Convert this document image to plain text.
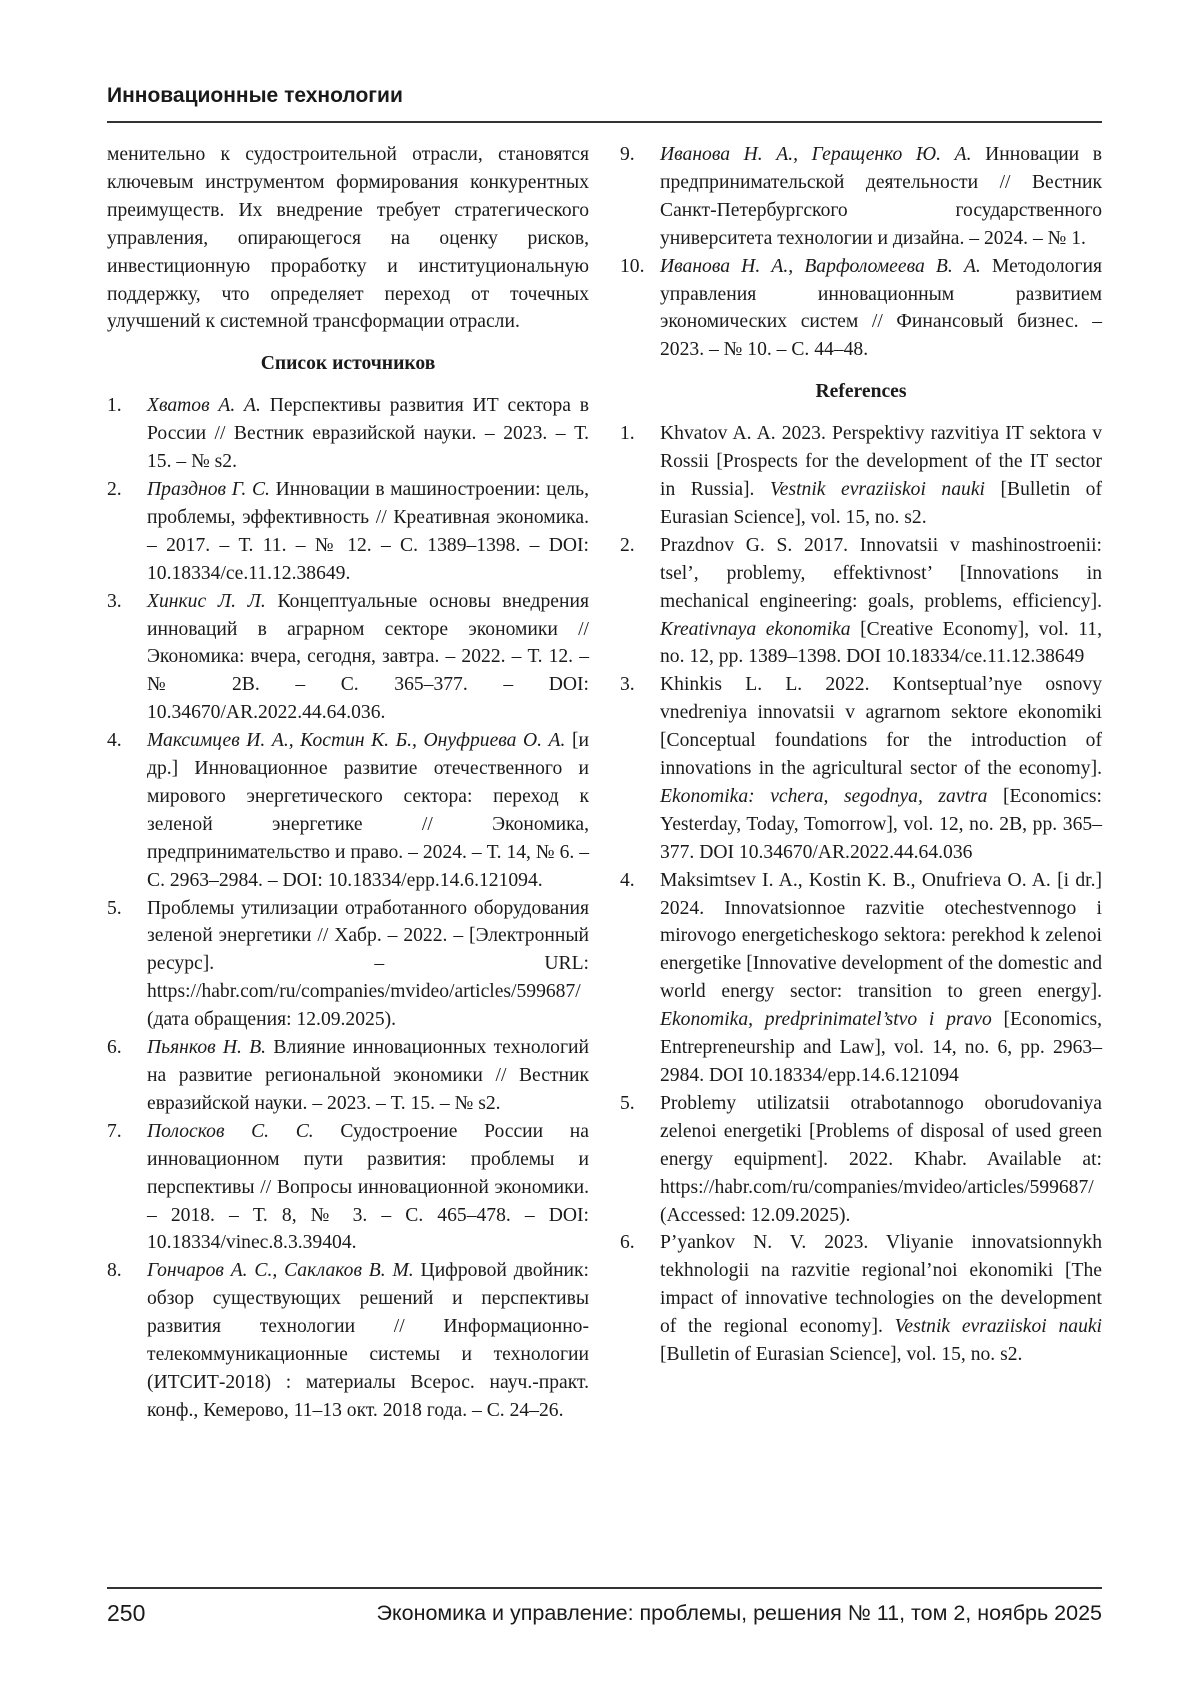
Инновационные технологии

менительно к судостроительной отрасли, становятся ключевым инструментом формирования конкурентных преимуществ. Их внедрение требует стратегического управления, опирающегося на оценку рисков, инвестиционную проработку и институциональную поддержку, что определяет переход от точечных улучшений к системной трансформации отрасли.

Список источников

1.	Хватов А. А. Перспективы развития ИТ сектора в России // Вестник евразийской науки. – 2023. – Т. 15. – № s2.
2.	Празднов Г. С. Инновации в машиностроении: цель, проблемы, эффективность // Креативная экономика. – 2017. – Т. 11. – № 12. – С. 1389–1398. – DOI: 10.18334/ce.11.12.38649.
3.	Хинкис Л. Л. Концептуальные основы внедрения инноваций в аграрном секторе экономики // Экономика: вчера, сегодня, завтра. – 2022. – Т. 12. – № 2В. – С. 365–377. – DOI: 10.34670/AR.2022.44.64.036.
4.	Максимцев И. А., Костин К. Б., Онуфриева О. А. [и др.] Инновационное развитие отечественного и мирового энергетического сектора: переход к зеленой энергетике // Экономика, предпринимательство и право. – 2024. – Т. 14, № 6. – С. 2963–2984. – DOI: 10.18334/epp.14.6.121094.
5.	Проблемы утилизации отработанного оборудования зеленой энергетики // Хабр. – 2022. – [Электронный ресурс]. – URL: https://habr.com/ru/companies/mvideo/articles/599687/ (дата обращения: 12.09.2025).
6.	Пьянков Н. В. Влияние инновационных технологий на развитие региональной экономики // Вестник евразийской науки. – 2023. – Т. 15. – № s2.
7.	Полосков С. С. Судостроение России на инновационном пути развития: проблемы и перспективы // Вопросы инновационной экономики. – 2018. – Т. 8, № 3. – С. 465–478. – DOI: 10.18334/vinec.8.3.39404.
8.	Гончаров А. С., Саклаков В. М. Цифровой двойник: обзор существующих решений и перспективы развития технологии // Информационно-телекоммуникационные системы и технологии (ИТСИТ-2018) : материалы Всерос. науч.-практ. конф., Кемерово, 11–13 окт. 2018 года. – С. 24–26.
9.	Иванова Н. А., Геращенко Ю. А. Инновации в предпринимательской деятельности // Вестник Санкт-Петербургского государственного университета технологии и дизайна. – 2024. – № 1.
10. Иванова Н. А., Варфоломеева В. А. Методология управления инновационным развитием экономических систем // Финансовый бизнес. – 2023. – № 10. – С. 44–48.

References

1.	Khvatov A. A. 2023. Perspektivy razvitiya IT sektora v Rossii [Prospects for the development of the IT sector in Russia]. Vestnik evraziiskoi nauki [Bulletin of Eurasian Science], vol. 15, no. s2.
2.	Prazdnov G. S. 2017. Innovatsii v mashinostroenii: tsel’, problemy, effektivnost’ [Innovations in mechanical engineering: goals, problems, efficiency]. Kreativnaya ekonomika [Creative Economy], vol. 11, no. 12, pp. 1389–1398. DOI 10.18334/ce.11.12.38649
3.	Khinkis L. L. 2022. Kontseptual’nye osnovy vnedreniya innovatsii v agrarnom sektore ekonomiki [Conceptual foundations for the introduction of innovations in the agricultural sector of the economy]. Ekonomika: vchera, segodnya, zavtra [Economics: Yesterday, Today, Tomorrow], vol. 12, no. 2B, pp. 365–377. DOI 10.34670/AR.2022.44.64.036
4.	Maksimtsev I. A., Kostin K. B., Onufrieva O. A. [i dr.] 2024. Innovatsionnoe razvitie otechestvennogo i mirovogo energeticheskogo sektora: perekhod k zelenoi energetike [Innovative development of the domestic and world energy sector: transition to green energy]. Ekonomika, predprinimatel’stvo i pravo [Economics, Entrepreneurship and Law], vol. 14, no. 6, pp. 2963–2984. DOI 10.18334/epp.14.6.121094
5.	Problemy utilizatsii otrabotannogo oborudovaniya zelenoi energetiki [Problems of disposal of used green energy equipment]. 2022. Khabr. Available at: https://habr.com/ru/companies/mvideo/articles/599687/ (Accessed: 12.09.2025).
6.	P’yankov N. V. 2023. Vliyanie innovatsionnykh tekhnologii na razvitie regional’noi ekonomiki [The impact of innovative technologies on the development of the regional economy]. Vestnik evraziiskoi nauki [Bulletin of Eurasian Science], vol. 15, no. s2.
250	Экономика и управление: проблемы, решения № 11, том 2, ноябрь 2025
